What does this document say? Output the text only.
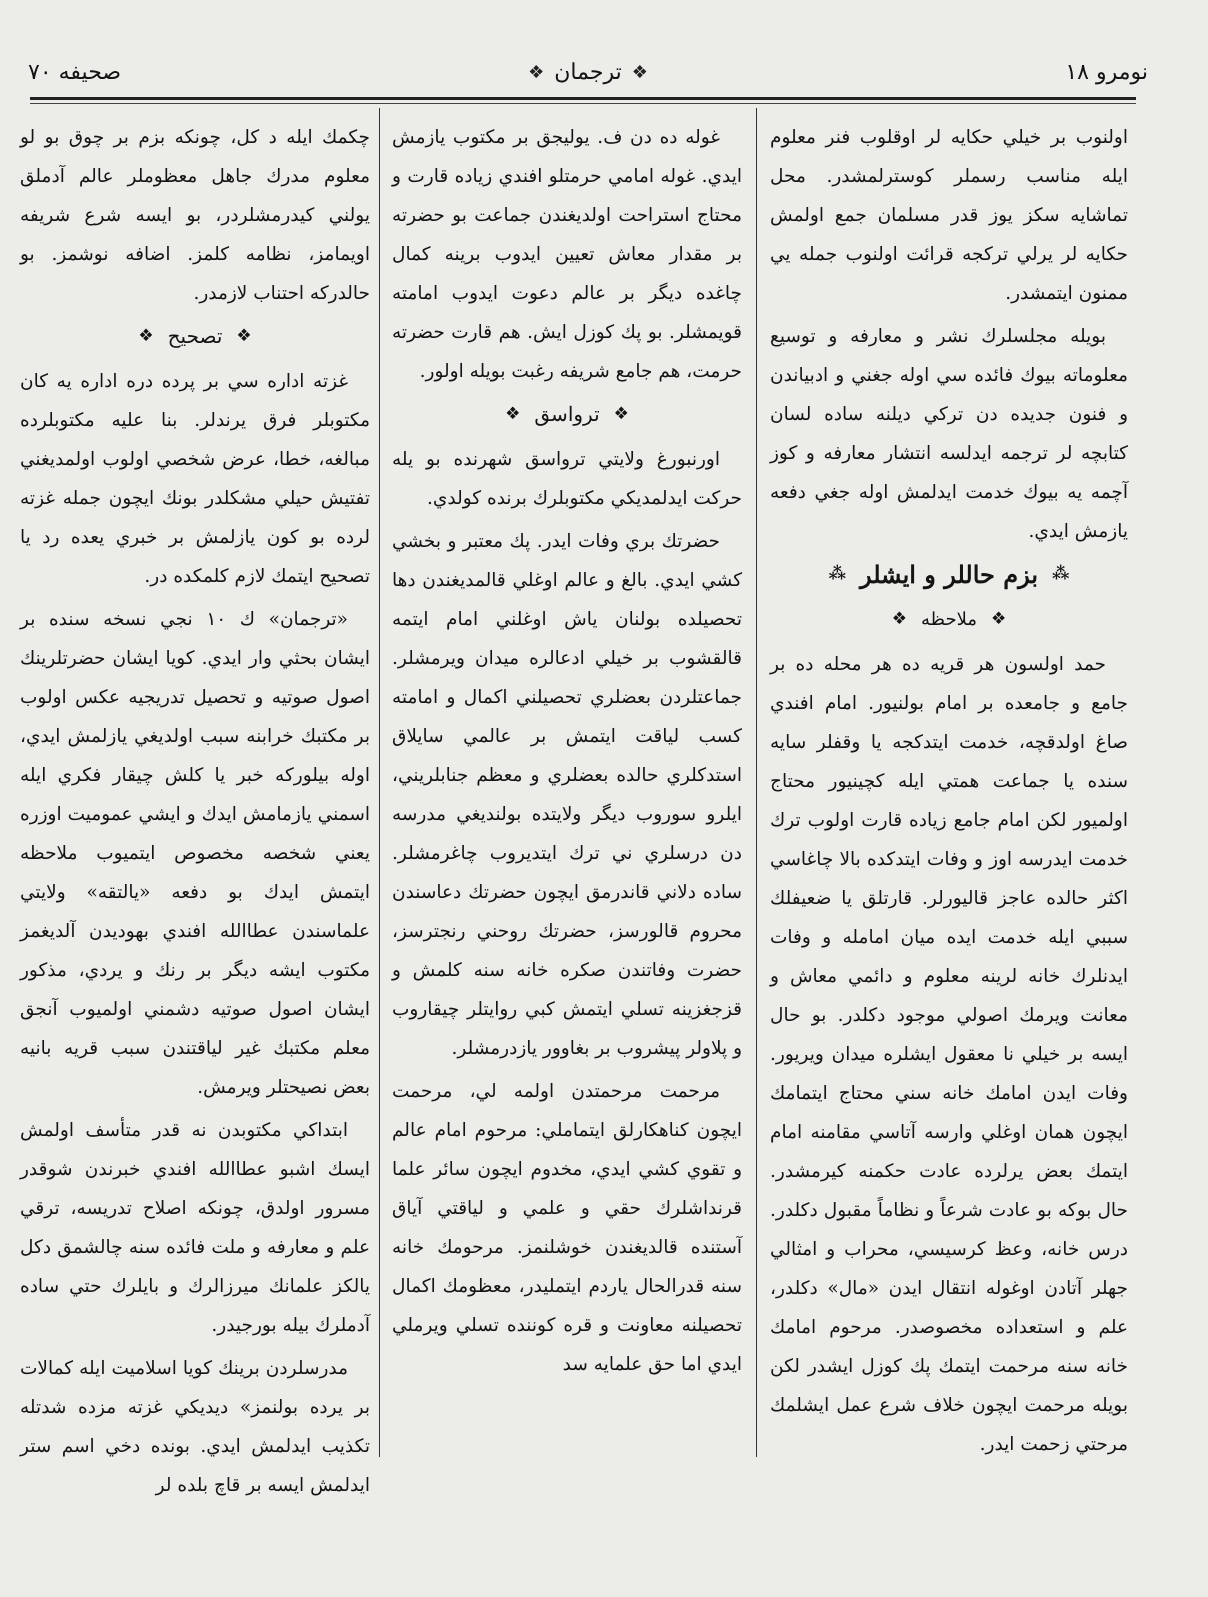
نومرو ۱۸
❖
ترجمان
❖
صحيفه ۷۰

اولنوب بر خيلي حكايه لر اوقلوب فنر معلوم ايله مناسب رسملر كوسترلمشدر. محل تماشايه سكز يوز قدر مسلمان جمع اولمش حكايه لر يرلي تركجه قرائت اولنوب جمله يي ممنون ايتمشدر.

بويله مجلسلرك نشر و معارفه و توسيع معلوماته بيوك فائده سي اوله جغني و ادبياندن و فنون جديده دن تركي ديلنه ساده لسان كتابچه لر ترجمه ايدلسه انتشار معارفه و كوز آچمه يه بيوك خدمت ايدلمش اوله جغي دفعه يازمش ايدي.

⁂
بزم حاللر و ايشلر
⁂
❖
ملاحظه
❖

حمد اولسون هر قريه ده هر محله ده بر جامع و جامعده بر امام بولنيور. امام افندي صاغ اولدقچه، خدمت ايتدكجه يا وقفلر سايه سنده يا جماعت همتي ايله كچينيور محتاج اولميور لكن امام جامع زياده قارت اولوب ترك خدمت ايدرسه اوز و وفات ايتدكده بالا چاغاسي اكثر حالده عاجز قاليورلر. قارتلق يا ضعيفلك سببي ايله خدمت ايده ميان امامله و وفات ايدنلرك خانه لرينه معلوم و دائمي معاش و معانت ويرمك اصولي موجود دكلدر. بو حال ايسه بر خيلي نا معقول ايشلره ميدان ويريور. وفات ايدن امامك خانه سني محتاج ايتمامك ايچون همان اوغلي وارسه آتاسي مقامنه امام ايتمك بعض يرلرده عادت حكمنه كيرمشدر. حال بوكه بو عادت شرعاً و نظاماً مقبول دكلدر. درس خانه، وعظ كرسيسي، محراب و امثالي جهلر آتادن اوغوله انتقال ايدن «مال» دكلدر، علم و استعداده مخصوصدر. مرحوم امامك خانه سنه مرحمت ايتمك پك كوزل ايشدر لكن بويله مرحمت ايچون خلاف شرع عمل ايشلمك مرحتي زحمت ايدر.

غوله ده دن ف. يوليجق بر مكتوب يازمش ايدي. غوله امامي حرمتلو افندي زياده قارت و محتاج استراحت اولديغندن جماعت بو حضرته بر مقدار معاش تعيين ايدوب برينه كمال چاغده ديگر بر عالم دعوت ايدوب امامته قويمشلر. بو پك كوزل ايش. هم قارت حضرته حرمت، هم جامع شريفه رغبت بويله اولور.

❖
ترواسق
❖

اورنبورغ ولايتي ترواسق شهرنده بو يله حركت ايدلمديكي مكتوبلرك برنده كولدي.

حضرتك بري وفات ايدر. پك معتبر و بخشي كشي ايدي. بالغ و عالم اوغلي قالمديغندن دها تحصيلده بولنان ياش اوغلني امام ايتمه قالقشوب بر خيلي ادعالره ميدان ويرمشلر. جماعتلردن بعضلري تحصيلني اكمال و امامته كسب لياقت ايتمش بر عالمي سايلاق استدكلري حالده بعضلري و معظم جنابلريني، ايلرو سوروب ديگر ولايتده بولنديغي مدرسه دن درسلري ني ترك ايتديروب چاغرمشلر. ساده دلاني قاندرمق ايچون حضرتك دعاسندن محروم قالورسز، حضرتك روحني رنجترسز، حضرت وفاتندن صكره خانه سنه كلمش و قزجغزينه تسلي ايتمش كبي روايتلر چيقاروب و پلاولر پيشروب بر بغاوور يازدرمشلر.

مرحمت مرحمتدن اولمه لي، مرحمت ايچون كناهكارلق ايتماملي: مرحوم امام عالم و تقوي كشي ايدي، مخدوم ايچون سائر علما قرنداشلرك حقي و علمي و لياقتي آياق آستنده قالديغندن خوشلنمز. مرحومك خانه سنه قدرالحال ياردم ايتمليدر، معظومك اكمال تحصيلنه معاونت و قره كوننده تسلي ويرملي ايدي اما حق علمايه سد

چكمك ايله د كل، چونكه بزم بر چوق بو لو معلوم مدرك جاهل معظوملر عالم آدملق يولني كيدرمشلردر، بو ايسه شرع شريفه اويمامز، نظامه كلمز. اضافه نوشمز. بو حالدركه احتناب لازمدر.

❖
تصحيح
❖

غزته اداره سي بر پرده دره اداره يه كان مكتوبلر فرق يرندلر. بنا عليه مكتوبلرده مبالغه، خطا، عرض شخصي اولوب اولمديغني تفتيش حيلي مشكلدر بونك ايچون جمله غزته لرده بو كون يازلمش بر خبري يعده رد يا تصحيح ايتمك لازم كلمكده در.

«ترجمان» ك ۱۰ نجي نسخه سنده بر ايشان بحثي وار ايدي. كويا ايشان حضرتلرينك اصول صوتيه و تحصيل تدريجيه عكس اولوب بر مكتبك خرابنه سبب اولديغي يازلمش ايدي، اوله بيلوركه خبر يا كلش چيقار فكري ايله اسمني يازمامش ايدك و ايشي عموميت اوزره يعني شخصه مخصوص ايتميوب ملاحظه ايتمش ايدك بو دفعه «يالتقه» ولايتي علماسندن عطاالله افندي بهوديدن آلديغمز مكتوب ايشه ديگر بر رنك و يردي، مذكور ايشان اصول صوتيه دشمني اولميوب آنجق معلم مكتبك غير لياقتندن سبب قريه بانيه بعض نصيحتلر ويرمش.

ابتداكي مكتوبدن نه قدر متأسف اولمش ايسك اشبو عطاالله افندي خبرندن شوقدر مسرور اولدق، چونكه اصلاح تدريسه، ترقي علم و معارفه و ملت فائده سنه چالشمق دكل يالكز علمانك ميرزالرك و بايلرك حتي ساده آدملرك بيله بورجيدر.

مدرسلردن برينك كويا اسلاميت ايله كمالات بر يرده بولنمز» ديديكي غزته مزده شدتله تكذيب ايدلمش ايدي. بونده دخي اسم ستر ايدلمش ايسه بر قاچ بلده لر
